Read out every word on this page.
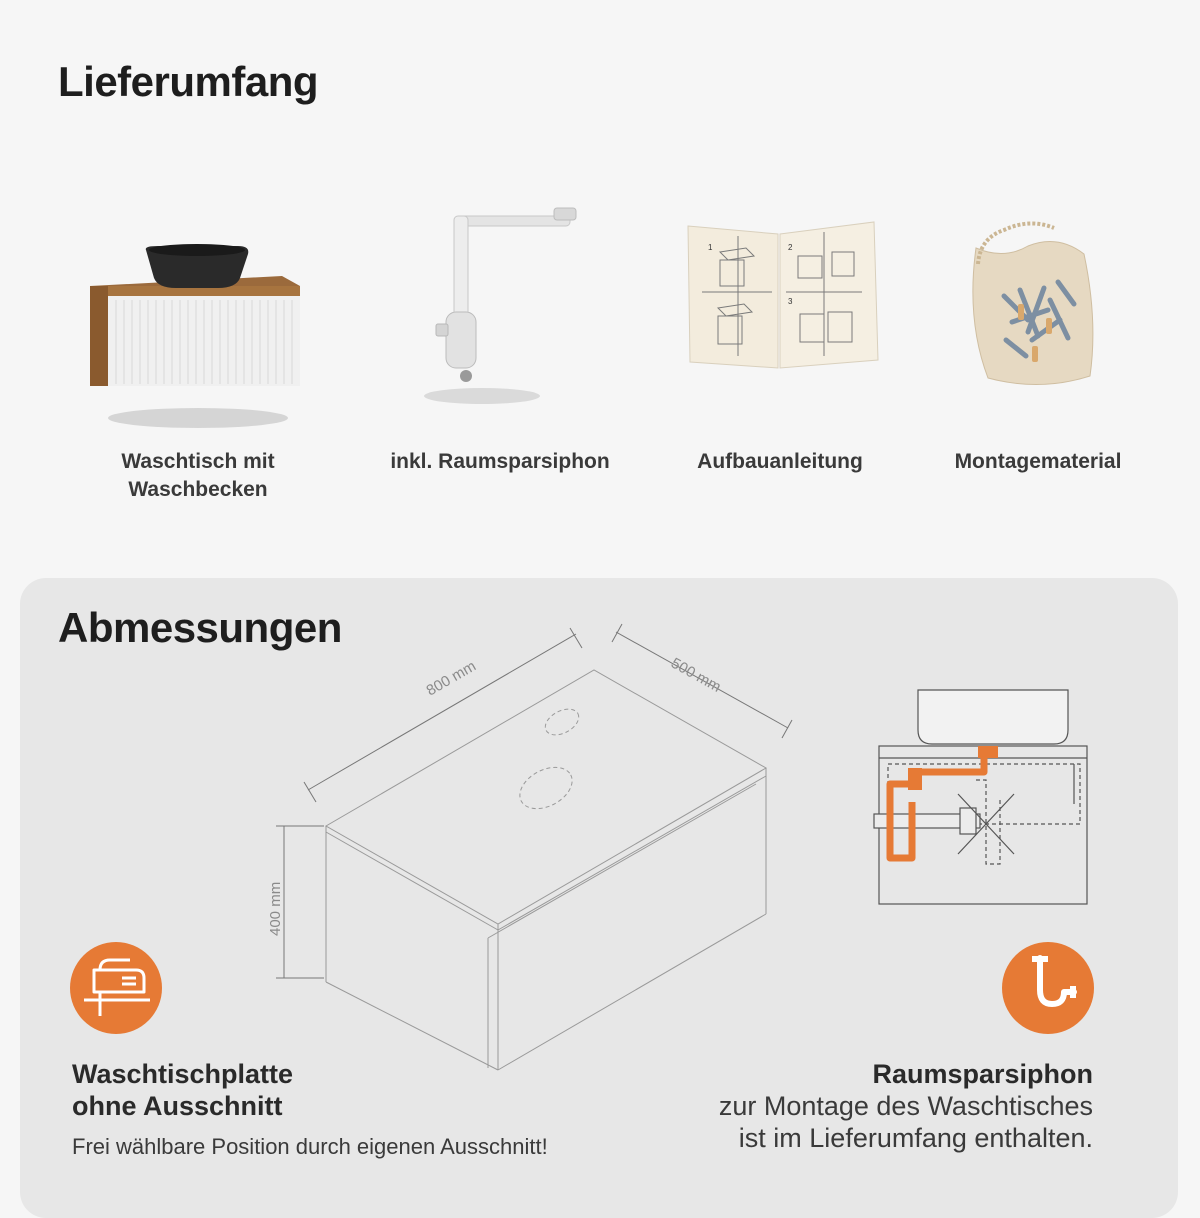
Lieferumfang
Waschtisch mit
Waschbecken
inkl. Raumsparsiphon
1	2
3
Aufbauanleitung	Montagematerial
Abmessungen
800 mm	500 mm
400 mm
Waschtischplatte
ohne Ausschnitt

Frei wählbare Position durch eigenen Ausschnitt!

Raumsparsiphon

zur Montage des Waschtisches
ist im Lieferumfang enthalten.
